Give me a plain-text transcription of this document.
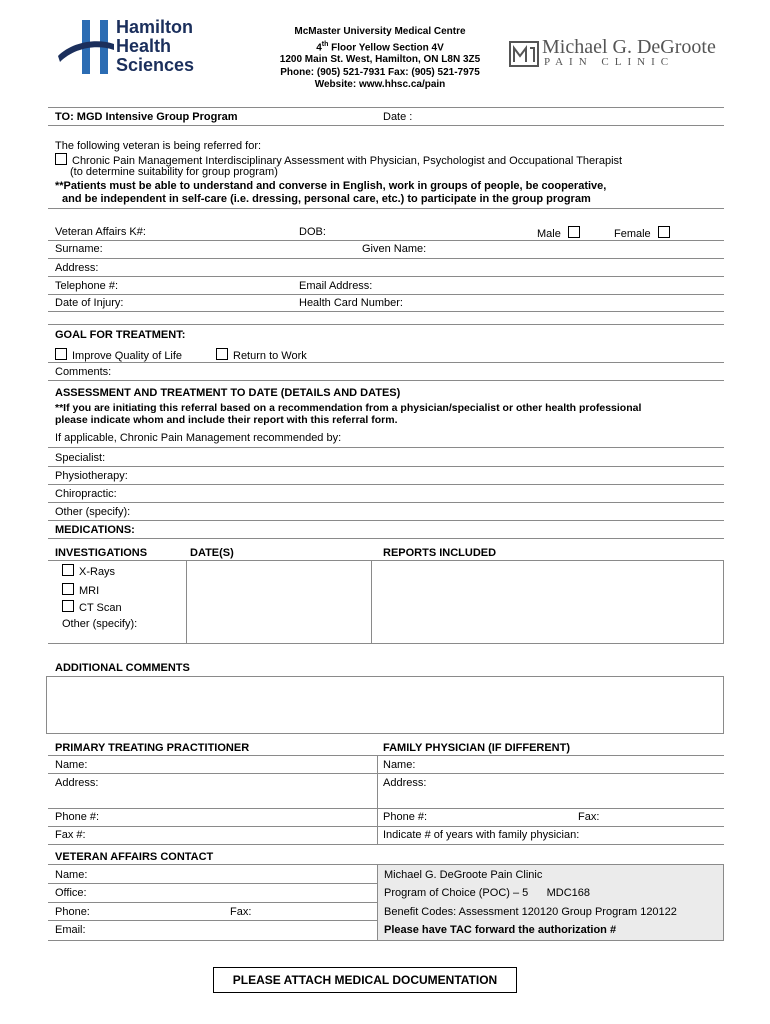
Hamilton
Health
Sciences
McMaster University Medical Centre
4th Floor Yellow Section 4V
1200 Main St. West, Hamilton, ON L8N 3Z5
Phone: (905) 521-7931 Fax: (905) 521-7975
Website: www.hhsc.ca/pain
Michael G. DeGroote
PAIN CLINIC
TO: MGD Intensive Group Program	Date :
The following veteran is being referred for:
Chronic Pain Management Interdisciplinary Assessment with Physician, Psychologist and Occupational Therapist
(to determine suitability for group program)
**Patients must be able to understand and converse in English, work in groups of people, be cooperative,
and be independent in self-care (i.e. dressing, personal care, etc.) to participate in the group program
Veteran Affairs K#:	DOB:	Male	Female
Surname:	Given Name:
Address:
Telephone #:	Email Address:
Date of Injury:	Health Card Number:
GOAL FOR TREATMENT:
Improve Quality of Life	Return to Work
Comments:
ASSESSMENT AND TREATMENT TO DATE (DETAILS AND DATES)
**If you are initiating this referral based on a recommendation from a physician/specialist or other health professional
please indicate whom and include their report with this referral form.
If applicable, Chronic Pain Management recommended by:
Specialist:
Physiotherapy:
Chiropractic:
Other (specify):
MEDICATIONS:
INVESTIGATIONS	DATE(S)	REPORTS INCLUDED
X-Rays
MRI
CT Scan
Other (specify):
ADDITIONAL COMMENTS
PRIMARY TREATING PRACTITIONER	FAMILY PHYSICIAN (IF DIFFERENT)
Name:	Name:
Address:	Address:
Phone #:	Phone #:	Fax:
Fax #:	Indicate # of years with family physician:
VETERAN AFFAIRS CONTACT
Name:
Office:
Phone:	Fax:
Email:
Michael G. DeGroote Pain Clinic
Program of Choice (POC) – 5      MDC168
Benefit Codes: Assessment 120120 Group Program 120122
Please have TAC forward the authorization #
PLEASE ATTACH MEDICAL DOCUMENTATION
